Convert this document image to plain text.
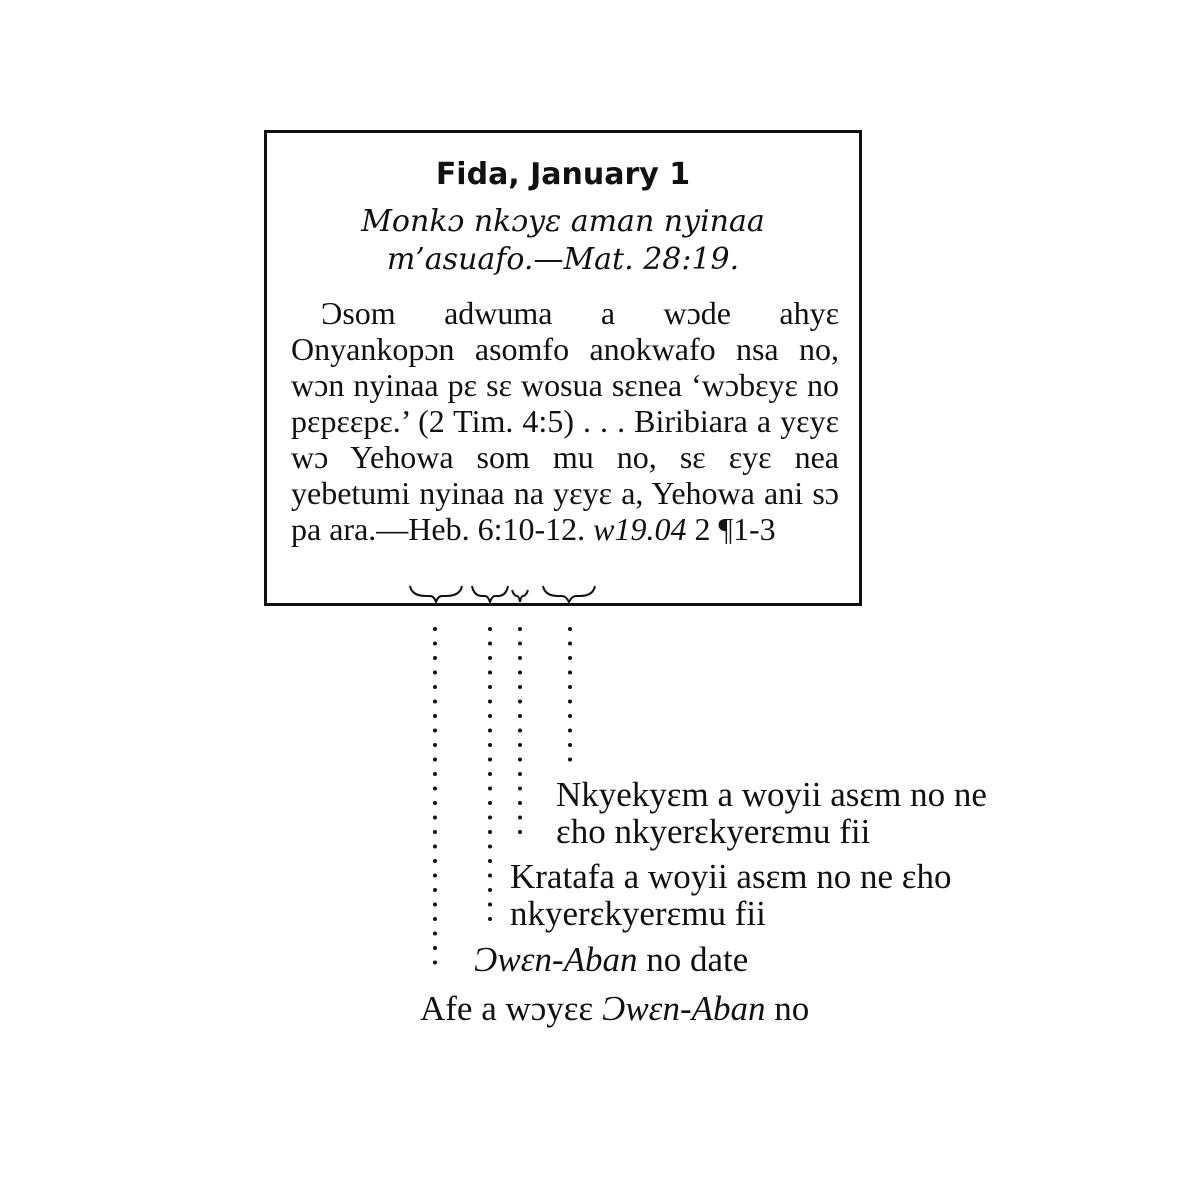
Fida, January 1
Monkɔ nkɔyɛ aman nyinaa
m’asuafo.—Mat. 28:19.
Ɔsom adwuma a wɔde ahyɛ Onyankopɔn asomfo anokwafo nsa no, wɔn nyinaa pɛ sɛ wosua sɛnea ‘wɔbɛyɛ no pɛpɛɛpɛ.’ (2 Tim. 4:5) . . . Biribiara a yɛyɛ wɔ Yehowa som mu no, sɛ ɛyɛ nea yebetumi nyinaa na yɛyɛ a, Yehowa ani sɔ pa ara.—Heb. 6:10-12. w19.04 2 ¶1-3
Nkyekyɛm a woyii asɛm no ne
ɛho nkyerɛkyerɛmu fii
Kratafa a woyii asɛm no ne ɛho
nkyerɛkyerɛmu fii
Ɔwɛn-Aban no date
Afe a wɔyɛɛ Ɔwɛn-Aban no
